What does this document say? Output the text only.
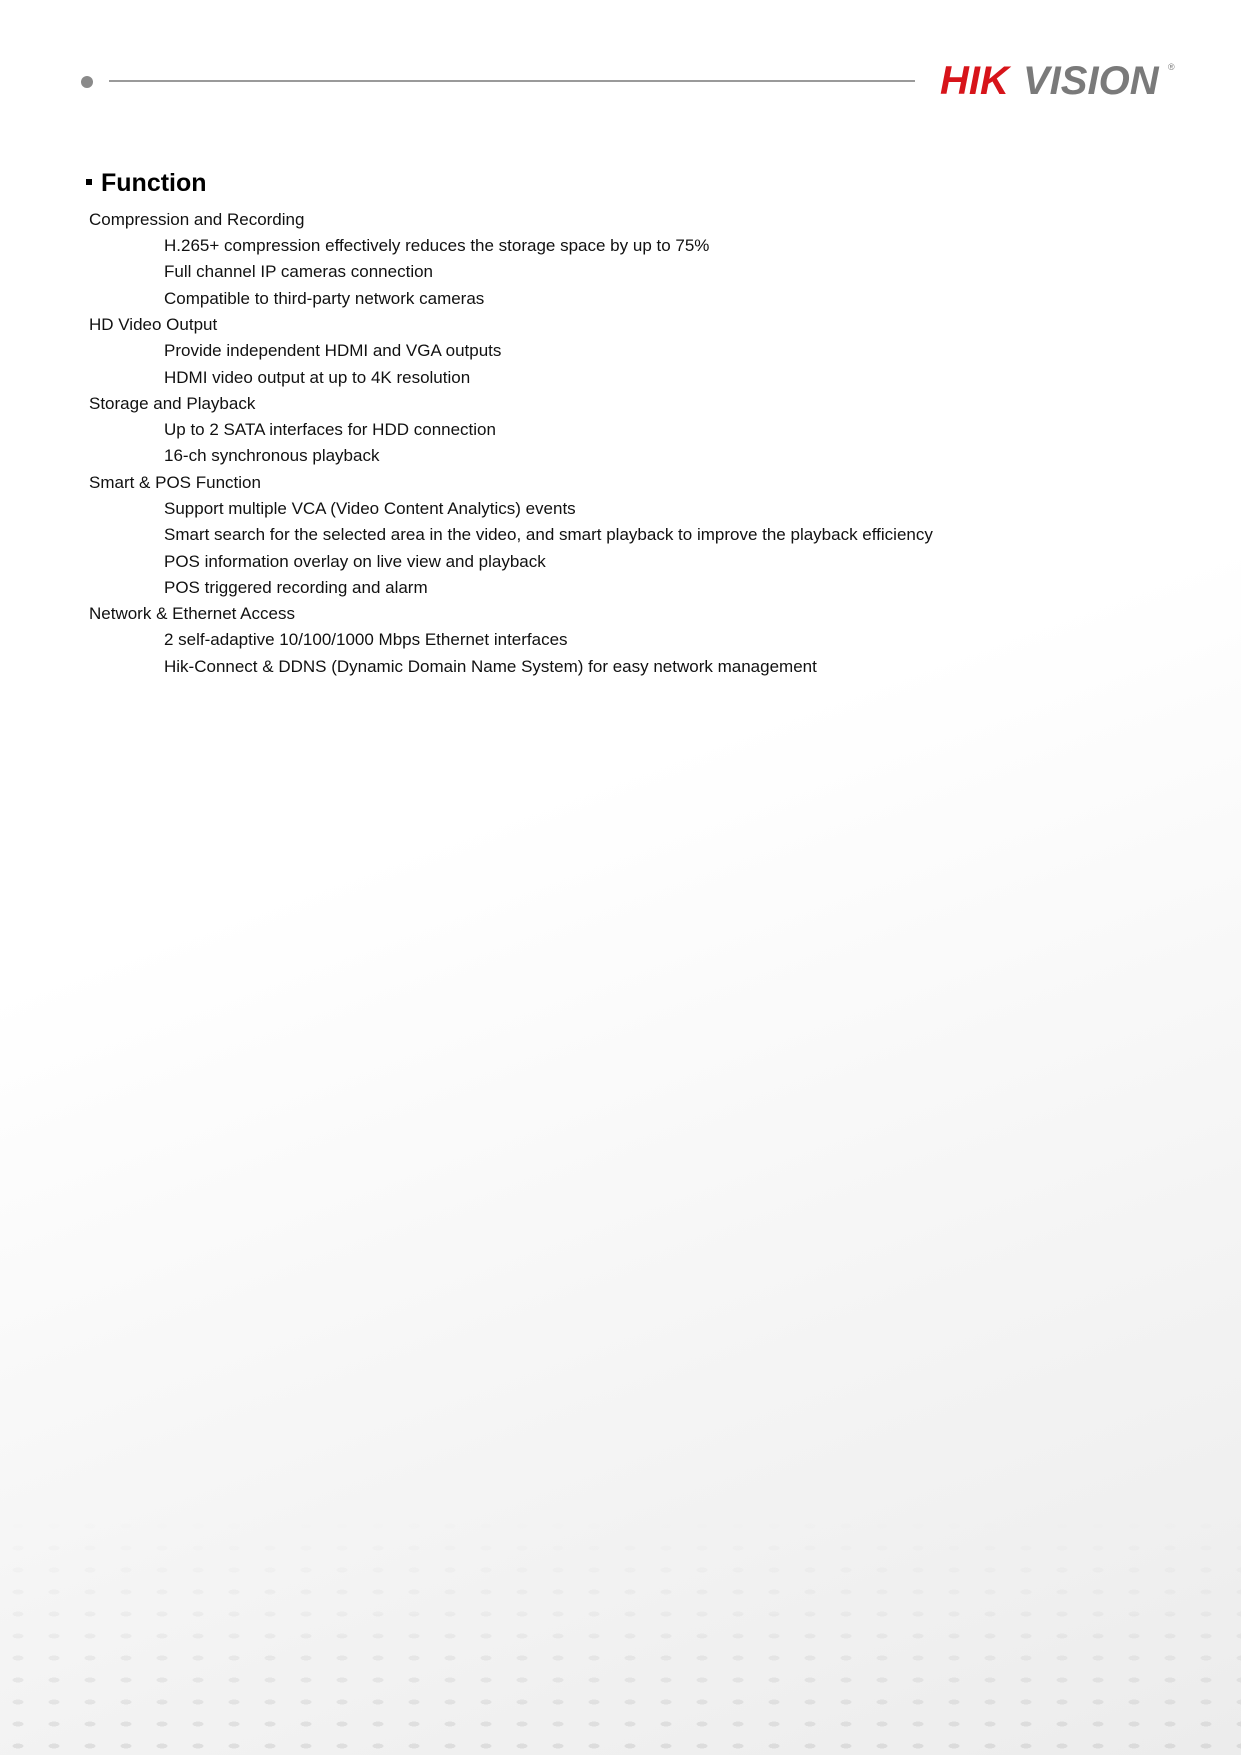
HIK VISION ®
Function
Compression and Recording
H.265+ compression effectively reduces the storage space by up to 75%
Full channel IP cameras connection
Compatible to third-party network cameras
HD Video Output
Provide independent HDMI and VGA outputs
HDMI video output at up to 4K resolution
Storage and Playback
Up to 2 SATA interfaces for HDD connection
16-ch synchronous playback
Smart & POS Function
Support multiple VCA (Video Content Analytics) events
Smart search for the selected area in the video, and smart playback to improve the playback efficiency
POS information overlay on live view and playback
POS triggered recording and alarm
Network & Ethernet Access
2 self-adaptive 10/100/1000 Mbps Ethernet interfaces
Hik-Connect & DDNS (Dynamic Domain Name System) for easy network management
